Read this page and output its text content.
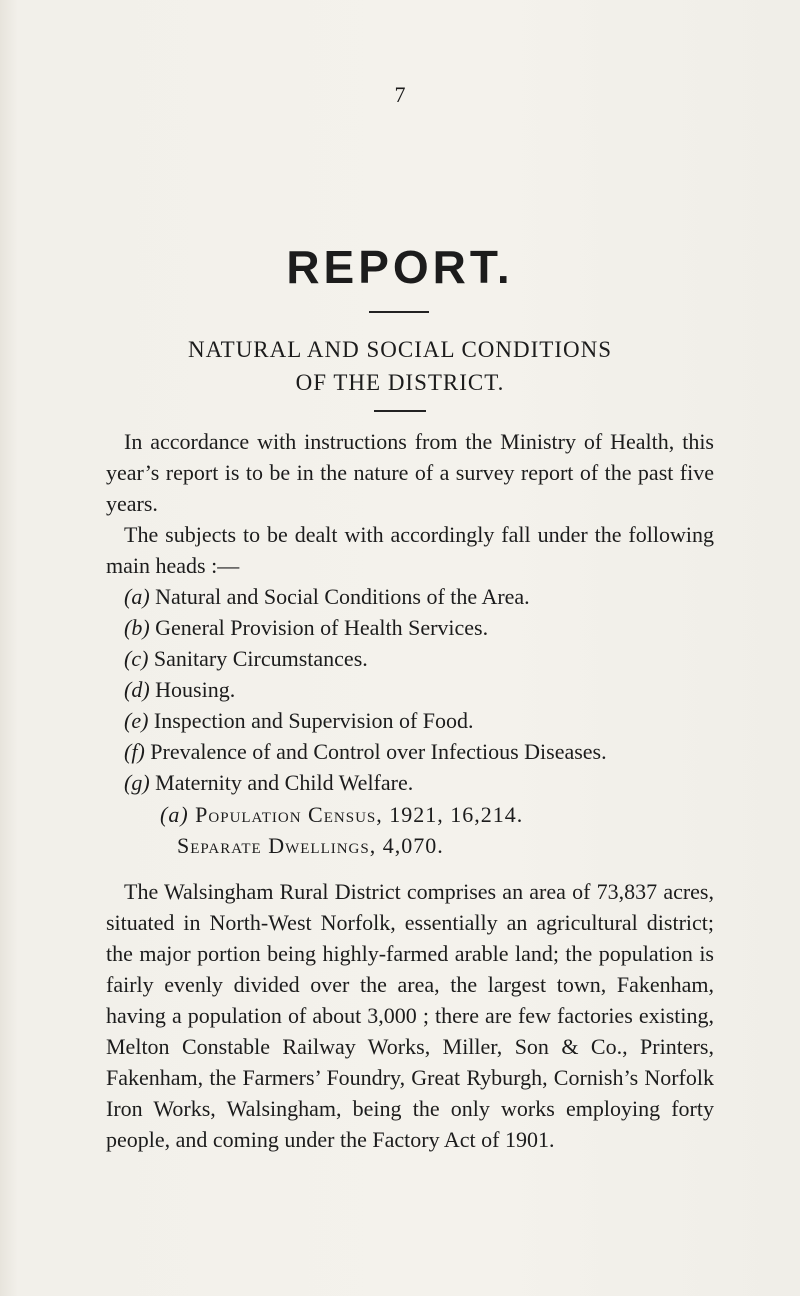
7
REPORT.
NATURAL AND SOCIAL CONDITIONS
OF THE DISTRICT.

In accordance with instructions from the Ministry of Health, this year’s report is to be in the nature of a survey report of the past five years.

The subjects to be dealt with accordingly fall under the following main heads :—

(a) Natural and Social Conditions of the Area.
(b) General Provision of Health Services.
(c) Sanitary Circumstances.
(d) Housing.
(e) Inspection and Supervision of Food.
(f) Prevalence of and Control over Infectious Diseases.
(g) Maternity and Child Welfare.
(a) Population Census, 1921, 16,214.
Separate Dwellings, 4,070.

The Walsingham Rural District comprises an area of 73,837 acres, situated in North-West Norfolk, essentially an agricultural district; the major portion being highly-farmed arable land; the population is fairly evenly divided over the area, the largest town, Fakenham, having a population of about 3,000 ; there are few factories existing, Melton Constable Railway Works, Miller, Son & Co., Printers, Fakenham, the Farmers’ Foundry, Great Ryburgh, Cornish’s Norfolk Iron Works, Walsingham, being the only works employing forty people, and coming under the Factory Act of 1901.
